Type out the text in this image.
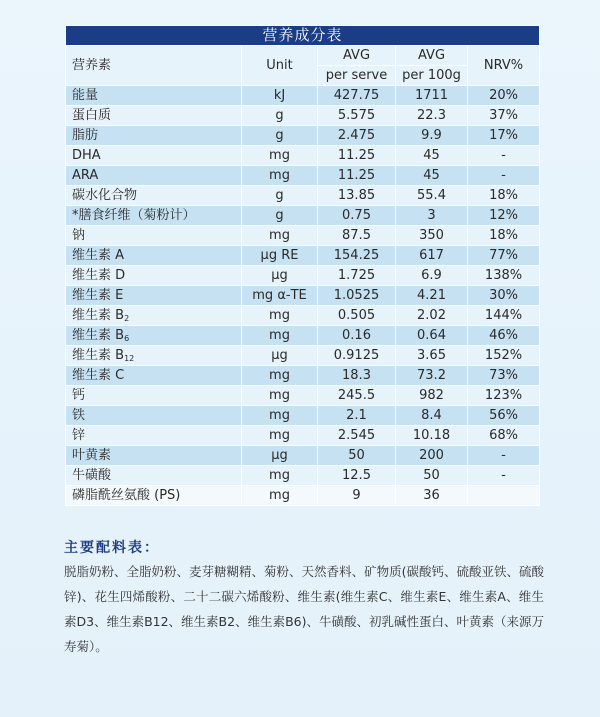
营养成分表				
营养素	Unit	AVG	AVG	NRV%
		per serve	per 100g	
能量	kJ	427.75	1711	20%
蛋白质	g	5.575	22.3	37%
脂肪	g	2.475	9.9	17%
DHA	mg	11.25	45	-
ARA	mg	11.25	45	-
碳水化合物	g	13.85	55.4	18%
*膳食纤维（菊粉计）	g	0.75	3	12%
钠	mg	87.5	350	18%
维生素 A	μg RE	154.25	617	77%
维生素 D	μg	1.725	6.9	138%
维生素 E	mg α-TE	1.0525	4.21	30%
维生素 $B_2$	mg	0.505	2.02	144%
维生素 $B_6$	mg	0.16	0.64	46%
维生素 $B_{12}$	μg	0.9125	3.65	152%
维生素 C	mg	18.3	73.2	73%
钙	mg	245.5	982	123%
铁	mg	2.1	8.4	56%
锌	mg	2.545	10.18	68%
叶黄素	μg	50	200	-
牛磺酸	mg	12.5	50	-
磷脂酰丝氨酸 (PS)	mg	9	36	
主要配料表：

脱脂奶粉、全脂奶粉、麦芽糖糊精、菊粉、天然香料、矿物质(碳酸钙、硫酸亚铁、硫酸锌)、花生四烯酸粉、二十二碳六烯酸粉、维生素(维生素C、维生素E、维生素A、维生素D3、维生素B12、维生素B2、维生素B6)、牛磺酸、初乳碱性蛋白、叶黄素（来源万寿菊）。
